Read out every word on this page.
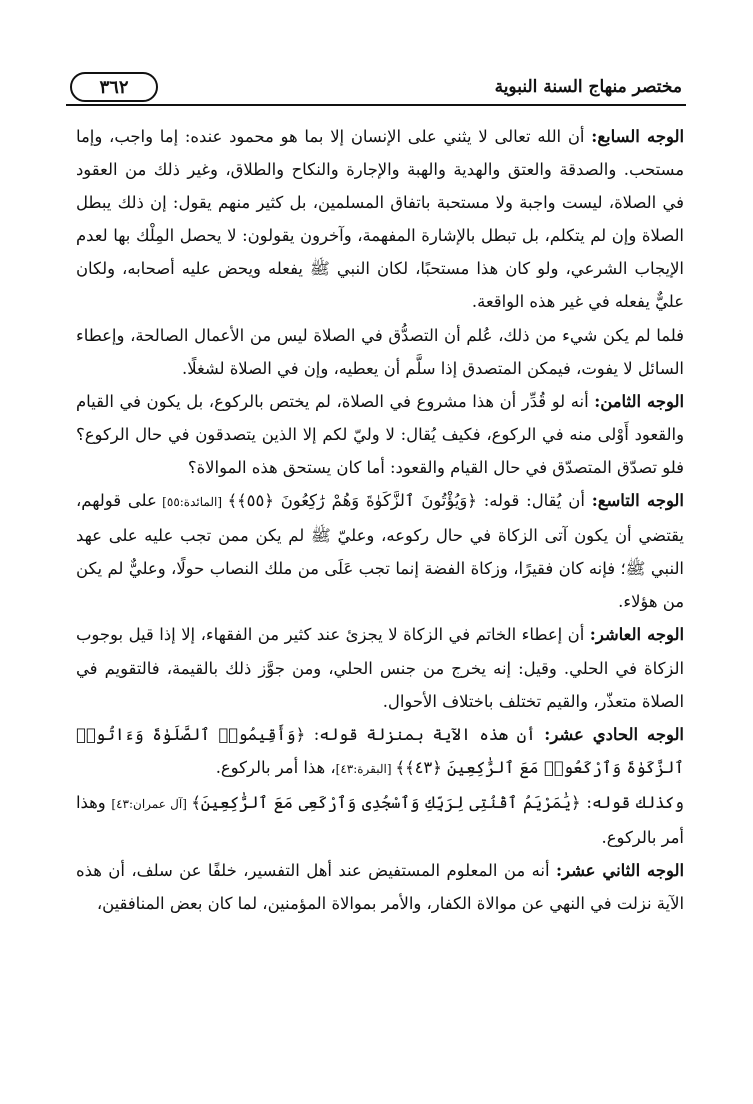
٣٦٢	مختصر منهاج السنة النبوية

الوجه السابع: أن الله تعالى لا يثني على الإنسان إلا بما هو محمود عنده: إما واجب، وإما مستحب. والصدقة والعتق والهدية والهبة والإجارة والنكاح والطلاق، وغير ذلك من العقود في الصلاة، ليست واجبة ولا مستحبة باتفاق المسلمين، بل كثير منهم يقول: إن ذلك يبطل الصلاة وإن لم يتكلم، بل تبطل بالإشارة المفهمة، وآخرون يقولون: لا يحصل المِلْك بها لعدم الإيجاب الشرعي، ولو كان هذا مستحبًا، لكان النبي ﷺ يفعله ويحض عليه أصحابه، ولكان عليٌّ يفعله في غير هذه الواقعة.

فلما لم يكن شيء من ذلك، عُلم أن التصدُّق في الصلاة ليس من الأعمال الصالحة، وإعطاء السائل لا يفوت، فيمكن المتصدق إذا سلَّم أن يعطيه، وإن في الصلاة لشغلًا.

الوجه الثامن: أنه لو قُدِّر أن هذا مشروع في الصلاة، لم يختص بالركوع، بل يكون في القيام والقعود أَوْلى منه في الركوع، فكيف يُقال: لا وليّ لكم إلا الذين يتصدقون في حال الركوع؟ فلو تصدّق المتصدّق في حال القيام والقعود: أما كان يستحق هذه الموالاة؟

الوجه التاسع: أن يُقال: قوله: ﴿وَيُؤْتُونَ ٱلزَّكَوٰةَ وَهُمْ رَٰكِعُونَ ﴿٥٥﴾﴾ [المائدة:٥٥] على قولهم، يقتضي أن يكون آتى الزكاة في حال ركوعه، وعليّ ﷺ لم يكن ممن تجب عليه على عهد النبي ﷺ؛ فإنه كان فقيرًا، وزكاة الفضة إنما تجب عَلَى من ملك النصاب حولًا، وعليٌّ لم يكن من هؤلاء.

الوجه العاشر: أن إعطاء الخاتم في الزكاة لا يجزئ عند كثير من الفقهاء، إلا إذا قيل بوجوب الزكاة في الحلي. وقيل: إنه يخرج من جنس الحلي، ومن جوَّز ذلك بالقيمة، فالتقويم في الصلاة متعذّر، والقيم تختلف باختلاف الأحوال.

الوجه الحادي عشر: أن هذه الآية بمنزلة قوله: ﴿وَأَقِيمُوا۟ ٱلصَّلَوٰةَ وَءَاتُوا۟ ٱلزَّكَوٰةَ وَٱرْكَعُوا۟ مَعَ ٱلرَّٰكِعِينَ ﴿٤٣﴾﴾ [البقرة:٤٣]، هذا أمر بالركوع.

وكذلك قوله: ﴿يَٰمَرْيَمُ ٱقْنُتِى لِرَبِّكِ وَٱسْجُدِى وَٱرْكَعِى مَعَ ٱلرَّٰكِعِينَ﴾ [آل عمران:٤٣] وهذا أمر بالركوع.

الوجه الثاني عشر: أنه من المعلوم المستفيض عند أهل التفسير، خلفًا عن سلف، أن هذه الآية نزلت في النهي عن موالاة الكفار، والأمر بموالاة المؤمنين، لما كان بعض المنافقين،
